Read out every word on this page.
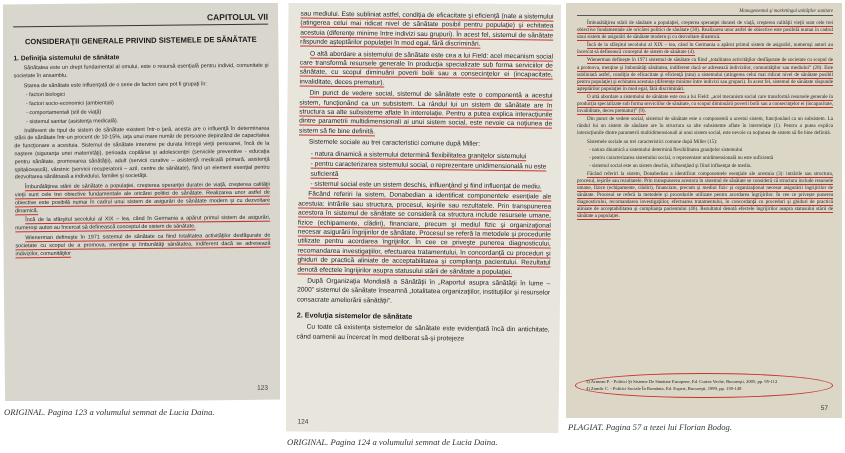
CAPITOLUL VII
CONSIDERAŢII GENERALE PRIVIND SISTEMELE DE SĂNĂTATE
1. Definiţia sistemului de sănătate

Sănătatea este un drept fundamental al omului, este o resursă esenţială pentru individ, comunitate şi societate în ansamblu.

Starea de sănătate este influenţată de o serie de factori care pot fi grupaţi în:

- factori biologici
- factori socio-economici (ambientali)
- comportamentali (stil de viaţă)
- sistemul sanitar (asistenţa medicală).

Indiferent de tipul de sistem de sănătate existent într-o ţară, acesta are o influenţă în determinarea stării de sănătate într-un procent de 10-15%, iaţa unui mare număr de persoane depinzând de capacitatea de funcţionare a acestuia. Sistemul de sănătate intervine pe durata întregii vieţii persoanei, încă de la naştere (siguranţa unei maternităţi), perioada copilăriei şi adolescenţei (serviciile preventive - educaţia pentru sănătate, promovarea sănătăţii), adult (servicii curative – asistenţă medicală primară, asistenţă spitalicească), vârstnic (servicii recuperatorii – azil, centre de sănătate), fiind un element esenţial pentru dezvoltarea sănătoasă a individului, familiei şi societăţii.

Îmbunătăţirea stării de sănătate a populaţiei, creşterea speranţei duratei de viaţă, creşterea calităţii vieţii sunt cele trei obiective fundamentale ale oricărei politici de sănătate. Realizarea unor astfel de obiective este posibilă numai în cadrul unui sistem de asigurări de sănătate modern şi cu dezvoltare dinamică.

Încă de la sfârşitul secolului al XIX – lea, când în Germania a apărut primul sistem de asigurări, numeroşi autori au încercat să definească conceptul de sistem de sănătate.

Wienerman defineşte în 1971 sistemul de sănătate ca fiind totalitatea activităţilor desfăşurate de societate cu scopul de a promova, menţine şi îmbunătăţi sănătatea, indiferent dacă se adresează indivizilor, comunităţilor

123
ORIGINAL. Pagina 123 a volumului semnat de Lucia Daina.

sau mediului. Este subliniat astfel, condiţia de eficacitate şi eficienţă (nate a sistemului (atingerea celui mai ridicat nivel de sănătate posibil pentru populaţie) şi echitatea acestuia (diferenţe minime între indivizi sau grupuri). În acest fel, sistemul de sănătate răspunde aşteptărilor populaţiei în mod egal, fără discriminări.

O altă abordare a sistemului de sănătate este cea a lui Field: acel mecanism social care transformă resursele generale în producţia specializate sub forma serviciilor de sănătate, cu scopul diminuării poverii bolii sau a consecinţelor ei (incapacitate, invaliditate, deces prematur).

Din punct de vedere social, sistemul de sănătate este o componentă a acestui sistem, funcţionând ca un subsistem. La rândul lui un sistem de sănătate are în structura sa alte subsisteme aflate în interrelaţie. Pentru a putea explica interacţiunile dintre parametrii multidimensionali ai unui sistem social, este nevoie ca noţiunea de sistem să fie bine definită.

Sistemele sociale au trei caracteristici comune după Miller:

- natura dinamică a sistemului determină flexibilitatea graniţelor sistemului
- pentru caracterizarea sistemului social, o reprezentare unidimensională nu este suficientă
- sistemul social este un sistem deschis, influenţând şi fiind influenţat de mediu.

Făcând referiri la sistem, Donabedian a identificat componentele esenţiale ale acestuia: intrările sau structura, procesul, ieşirile sau rezultatele. Prin transpunerea acestora în sistemul de sănătate se consideră ca structura include resursele umane, fizice (echipamente, clădiri), financiare, precum şi mediul fizic şi organizaţional necesar asigurării îngrijirilor de sănătate. Procesul se referă la metodele şi procedurile utilizate pentru acordarea îngrijirilor. În cee ce priveşte punerea diagnosticului, recomandarea investigaţiilor, efectuarea tratamentului, în concordanţă cu proceduri şi ghiduri de practică aliniate de acceptabilitatea şi complianţa pacientului. Rezultatul denotă efectele îngrijirilor asupra statusului stării de sănătate a populaţiei.

După Organizaţia Mondială a Sănătăţii în „Raportul asupra sănătăţii în lume – 2000” sistemul de sănătate înseamnă „totalitatea organizaţiilor, instituţiilor şi resurselor consacrate ameliorării sănătăţii”.

2. Evoluţia sistemelor de sănătate

Cu toate că existenţa sistemelor de sănătate este evidenţiată încă din antichitate, când oamenii au încercat în mod deliberat să-şi protejeze

124
ORIGINAL. Pagina 124 a volumului semnat de Lucia Daina.
Managementul şi marketingul unităţilor sanitare

Îmbunătăţirea stării de sănătate a populaţiei, creşterea speranţei duratei de viaţă, creşterea calităţii vieţii sunt cele trei obiective fundamentale ale oricărei politici de sănătate (30). Realizarea unor astfel de obiective este posibilă numai în cadrul unui sistem de asigurări de sănătate modern şi cu dezvoltare dinamică.

Încă de la sfârşitul secolului al XIX – lea, când în Germania a apărut primul sistem de asigurări, numeroşi autori au încercat să definească conceptul de sistem de sănătate (4).

Wienerman defineşte în 1971 sistemul de sănătate ca fiind „totalitatea activităţilor desfăşurate de societate cu scopul de a promova, menţine şi îmbunătăţi sănătatea, indiferent dacă se adresează indivizilor, comunităţilor sau mediului” (28). Este subliniată astfel, condiţia de eficacitate şi eficienţă (rata) a sistemului (atingerea celui mai ridicat nivel de sănătate posibil pentru populaţie) şi echitatea acestuia (diferenţe minime între indivizi sau grupuri). În acest fel, sistemul de sănătate răspunde aşteptărilor populaţiei în mod egal, fără discriminări.

O altă abordare a sistemului de sănătate este cea a lui Field: „acel mecanism social care transformă resursele generale în producţia specializate sub forma serviciilor de sănătate, cu scopul diminuării poverii bolii sau a consecinţelor ei (incapacitate, invaliditate, deces prematur)” (9).

Din punct de vedere social, sistemul de sănătate este o componentă a acestui sistem, funcţionând ca un subsistem. La rândul lui un sistem de sănătate are în structura sa alte subsisteme aflate în interrelaţie (1). Pentru a putea explica interacţiunile dintre parametrii multidimensionali ai unui sistem social, este nevoie ca noţiunea de sistem să fie bine definită.

Sistemele sociale au trei caracteristici comune după Miller (15):

- natura dinamică a sistemului determină flexibilitatea graniţelor sistemului
- pentru caracterizarea sistemului social, o reprezentare unidimensională nu este suficientă
- sistemul social este un sistem deschis, influenţând şi fiind influenţat de mediu.

Făcând referiri la sistem, Donabedian a identificat componentele esenţiale ale acestuia (3): intrările sau structura, procesul, ieşirile sau rezultatele. Prin transpunerea acestora în sistemul de sănătate se consideră că structura include resursele umane, fizice (echipamente, clădiri), financiare, precum şi mediul fizic şi organizaţional necesar asigurării îngrijirilor de sănătate. Procesul se referă la metodele şi procedurile utilizate pentru acordarea îngrijirilor. În cee ce priveşte punerea diagnosticului, recomandarea investigaţiilor, efectuarea tratamentului, în concordanţă cu proceduri şi ghiduri de practică aliniate de acceptabilitatea şi complianţa pacientului (46). Rezultatul denotă efectele îngrijirilor asupra statusului stării de sănătate a populaţiei.

3) Armean P. - Politici Şi Sisteme De Sănătate Europene, Ed. Curtea Veche, Bucureşti, 2005, pp. 95-112
4) Zamfir C. - Politici Sociale În România, Ed. Expert, Bucureşti, 1999, pp. 139-148
57
PLAGIAT. Pagina 57 a tezei lui Florian Bodog.
